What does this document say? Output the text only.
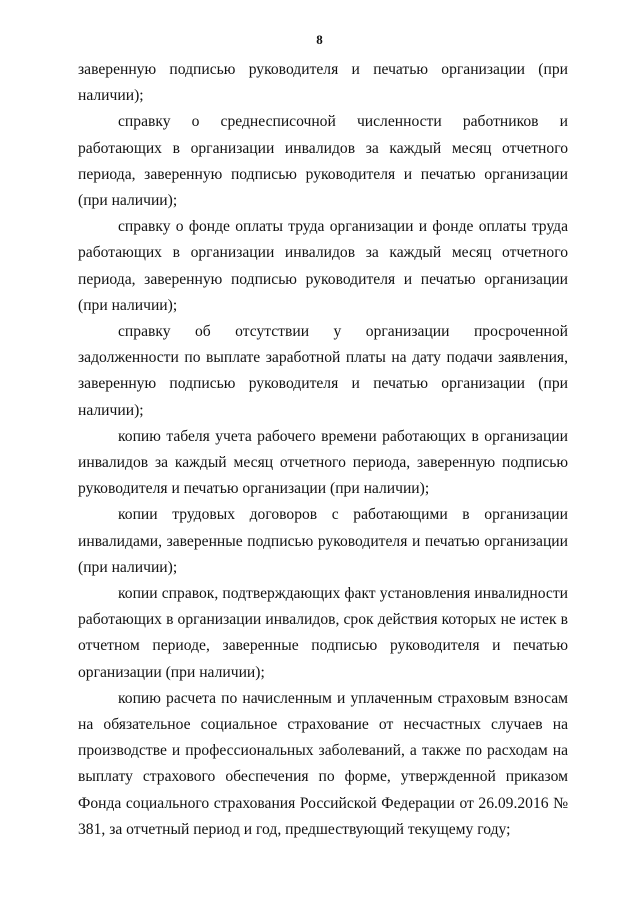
8

заверенную подписью руководителя и печатью организации (при наличии);

справку о среднесписочной численности работников и работающих в организации инвалидов за каждый месяц отчетного периода, заверенную подписью руководителя и печатью организации (при наличии);

справку о фонде оплаты труда организации и фонде оплаты труда работающих в организации инвалидов за каждый месяц отчетного периода, заверенную подписью руководителя и печатью организации (при наличии);

справку об отсутствии у организации просроченной задолженности по выплате заработной платы на дату подачи заявления, заверенную подписью руководителя и печатью организации (при наличии);

копию табеля учета рабочего времени работающих в организации инвалидов за каждый месяц отчетного периода, заверенную подписью руководителя и печатью организации (при наличии);

копии трудовых договоров с работающими в организации инвалидами, заверенные подписью руководителя и печатью организации (при наличии);

копии справок, подтверждающих факт установления инвалидности работающих в организации инвалидов, срок действия которых не истек в отчетном периоде, заверенные подписью руководителя и печатью организации (при наличии);

копию расчета по начисленным и уплаченным страховым взносам на обязательное социальное страхование от несчастных случаев на производстве и профессиональных заболеваний, а также по расходам на выплату страхового обеспечения по форме, утвержденной приказом Фонда социального страхования Российской Федерации от 26.09.2016 № 381, за отчетный период и год, предшествующий текущему году;
